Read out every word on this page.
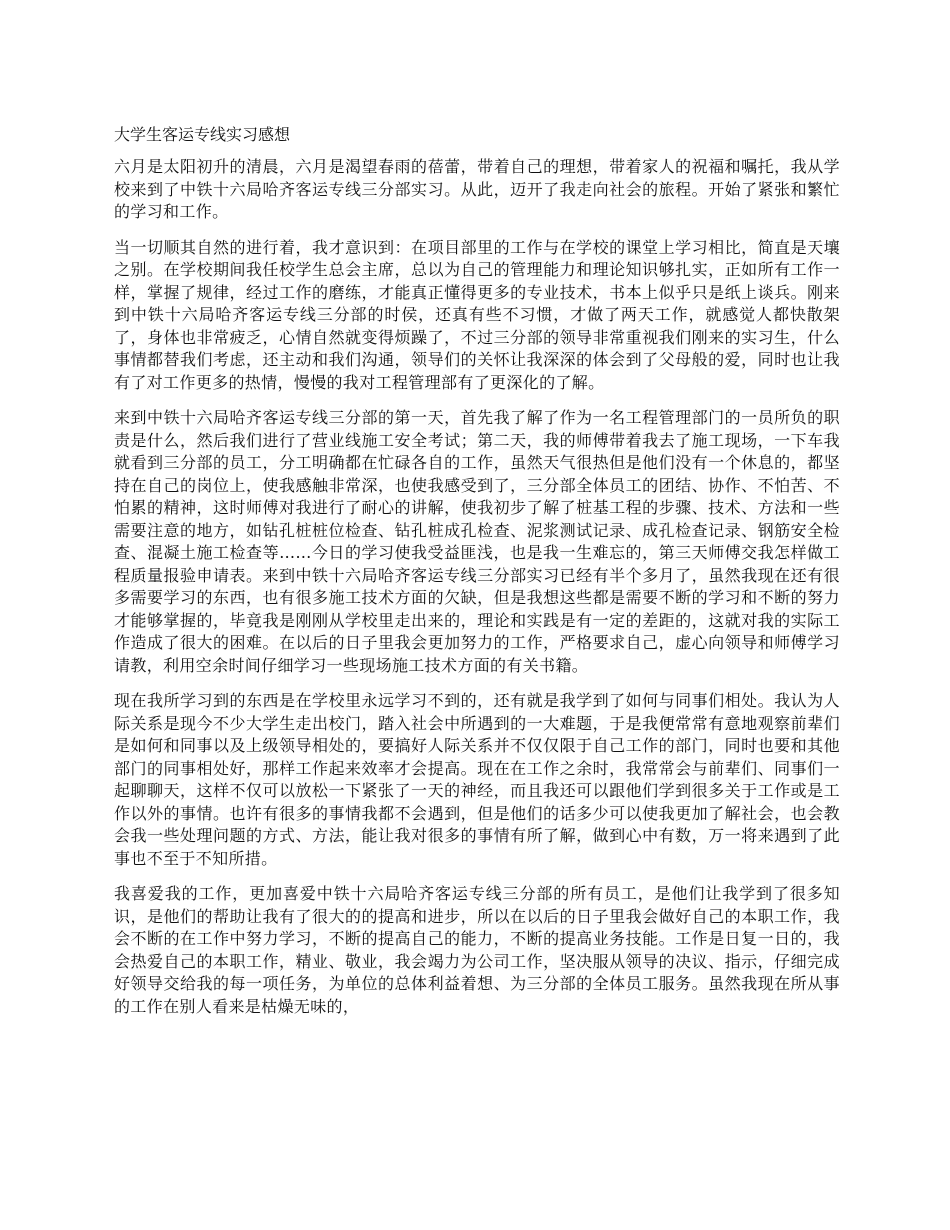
大学生客运专线实习感想

六月是太阳初升的清晨，六月是渴望春雨的蓓蕾，带着自己的理想，带着家人的祝福和嘱托，我从学校来到了中铁十六局哈齐客运专线三分部实习。从此，迈开了我走向社会的旅程。开始了紧张和繁忙的学习和工作。

当一切顺其自然的进行着，我才意识到：在项目部里的工作与在学校的课堂上学习相比，简直是天壤之别。在学校期间我任校学生总会主席，总以为自己的管理能力和理论知识够扎实，正如所有工作一样，掌握了规律，经过工作的磨练，才能真正懂得更多的专业技术，书本上似乎只是纸上谈兵。刚来到中铁十六局哈齐客运专线三分部的时侯，还真有些不习惯，才做了两天工作，就感觉人都快散架了，身体也非常疲乏，心情自然就变得烦躁了，不过三分部的领导非常重视我们刚来的实习生，什么事情都替我们考虑，还主动和我们沟通，领导们的关怀让我深深的体会到了父母般的爱，同时也让我有了对工作更多的热情，慢慢的我对工程管理部有了更深化的了解。

来到中铁十六局哈齐客运专线三分部的第一天，首先我了解了作为一名工程管理部门的一员所负的职责是什么，然后我们进行了营业线施工安全考试；第二天，我的师傅带着我去了施工现场，一下车我就看到三分部的员工，分工明确都在忙碌各自的工作，虽然天气很热但是他们没有一个休息的，都坚持在自己的岗位上，使我感触非常深，也使我感受到了，三分部全体员工的团结、协作、不怕苦、不怕累的精神，这时师傅对我进行了耐心的讲解，使我初步了解了桩基工程的步骤、技术、方法和一些需要注意的地方，如钻孔桩桩位检查、钻孔桩成孔检查、泥浆测试记录、成孔检查记录、钢筋安全检查、混凝土施工检查等……今日的学习使我受益匪浅，也是我一生难忘的，第三天师傅交我怎样做工程质量报验申请表。来到中铁十六局哈齐客运专线三分部实习已经有半个多月了，虽然我现在还有很多需要学习的东西，也有很多施工技术方面的欠缺，但是我想这些都是需要不断的学习和不断的努力才能够掌握的，毕竟我是刚刚从学校里走出来的，理论和实践是有一定的差距的，这就对我的实际工作造成了很大的困难。在以后的日子里我会更加努力的工作，严格要求自己，虚心向领导和师傅学习请教，利用空余时间仔细学习一些现场施工技术方面的有关书籍。

现在我所学习到的东西是在学校里永远学习不到的，还有就是我学到了如何与同事们相处。我认为人际关系是现今不少大学生走出校门，踏入社会中所遇到的一大难题，于是我便常常有意地观察前辈们是如何和同事以及上级领导相处的，要搞好人际关系并不仅仅限于自己工作的部门，同时也要和其他部门的同事相处好，那样工作起来效率才会提高。现在在工作之余时，我常常会与前辈们、同事们一起聊聊天，这样不仅可以放松一下紧张了一天的神经，而且我还可以跟他们学到很多关于工作或是工作以外的事情。也许有很多的事情我都不会遇到，但是他们的话多少可以使我更加了解社会，也会教会我一些处理问题的方式、方法，能让我对很多的事情有所了解，做到心中有数，万一将来遇到了此事也不至于不知所措。

我喜爱我的工作，更加喜爱中铁十六局哈齐客运专线三分部的所有员工，是他们让我学到了很多知识，是他们的帮助让我有了很大的的提高和进步，所以在以后的日子里我会做好自己的本职工作，我会不断的在工作中努力学习，不断的提高自己的能力，不断的提高业务技能。工作是日复一日的，我会热爱自己的本职工作，精业、敬业，我会竭力为公司工作，坚决服从领导的决议、指示，仔细完成好领导交给我的每一项任务，为单位的总体利益着想、为三分部的全体员工服务。虽然我现在所从事的工作在别人看来是枯燥无味的，
